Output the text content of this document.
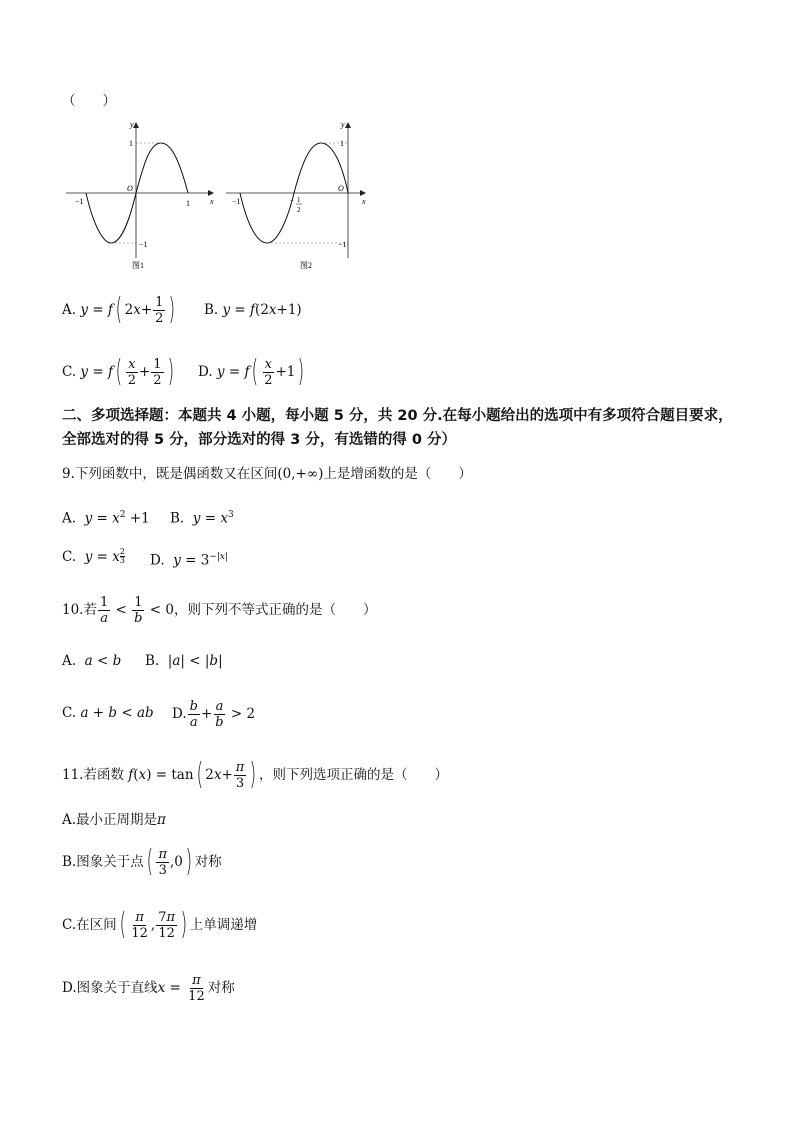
（　　）
y
x
O
1
−1
−1	1
图1
y
x
O
1
−1
−1	− 1
2
图2
A. y = f ( 2 $x + \frac{1}{2}$ ) B. y = f (2 x +1)
C. y = f ( $\frac{x}{2} + \frac{1}{2}$ ) D. y = f ( $\frac{x}{2} +1$ )
二、多项选择题：本题共 4 小题，每小题 5 分，共 20 分.在每小题给出的选项中有多项符合题目要求，全部选对的得 5 分，部分选对的得 3 分，有选错的得 0 分）
9.下列函数中，既是偶函数又在区间 (0,+∞) 上是增函数的是（　　）
A.  $y = x^2 +1$ B.  $y = x^3$
C.  y = x $^{\frac{2}{3}}$ D.  $y = 3^{-|x|}$
10.若 $\frac{1}{a} < \frac{1}{b} < 0$ ，则下列不等式正确的是（　　）
A.  a < b B.  |a| < |b|
C. a + b < ab D. $\frac{b}{a} + \frac{a}{b} > 2$
11.若函数 f ( x ) = tan ( 2 $x + \frac{\pi}{3}$ ) ，则下列选项正确的是（　　）
A.最小正周期是π
B.图象关于点 ( $\frac{\pi}{3} ,0$ ) 对称
C.在区间 ( $\frac{\pi}{12}$ , $\frac{7\pi}{12}$ ) 上单调递增
D.图象关于直线 $x = \frac{\pi}{12}$ 对称
